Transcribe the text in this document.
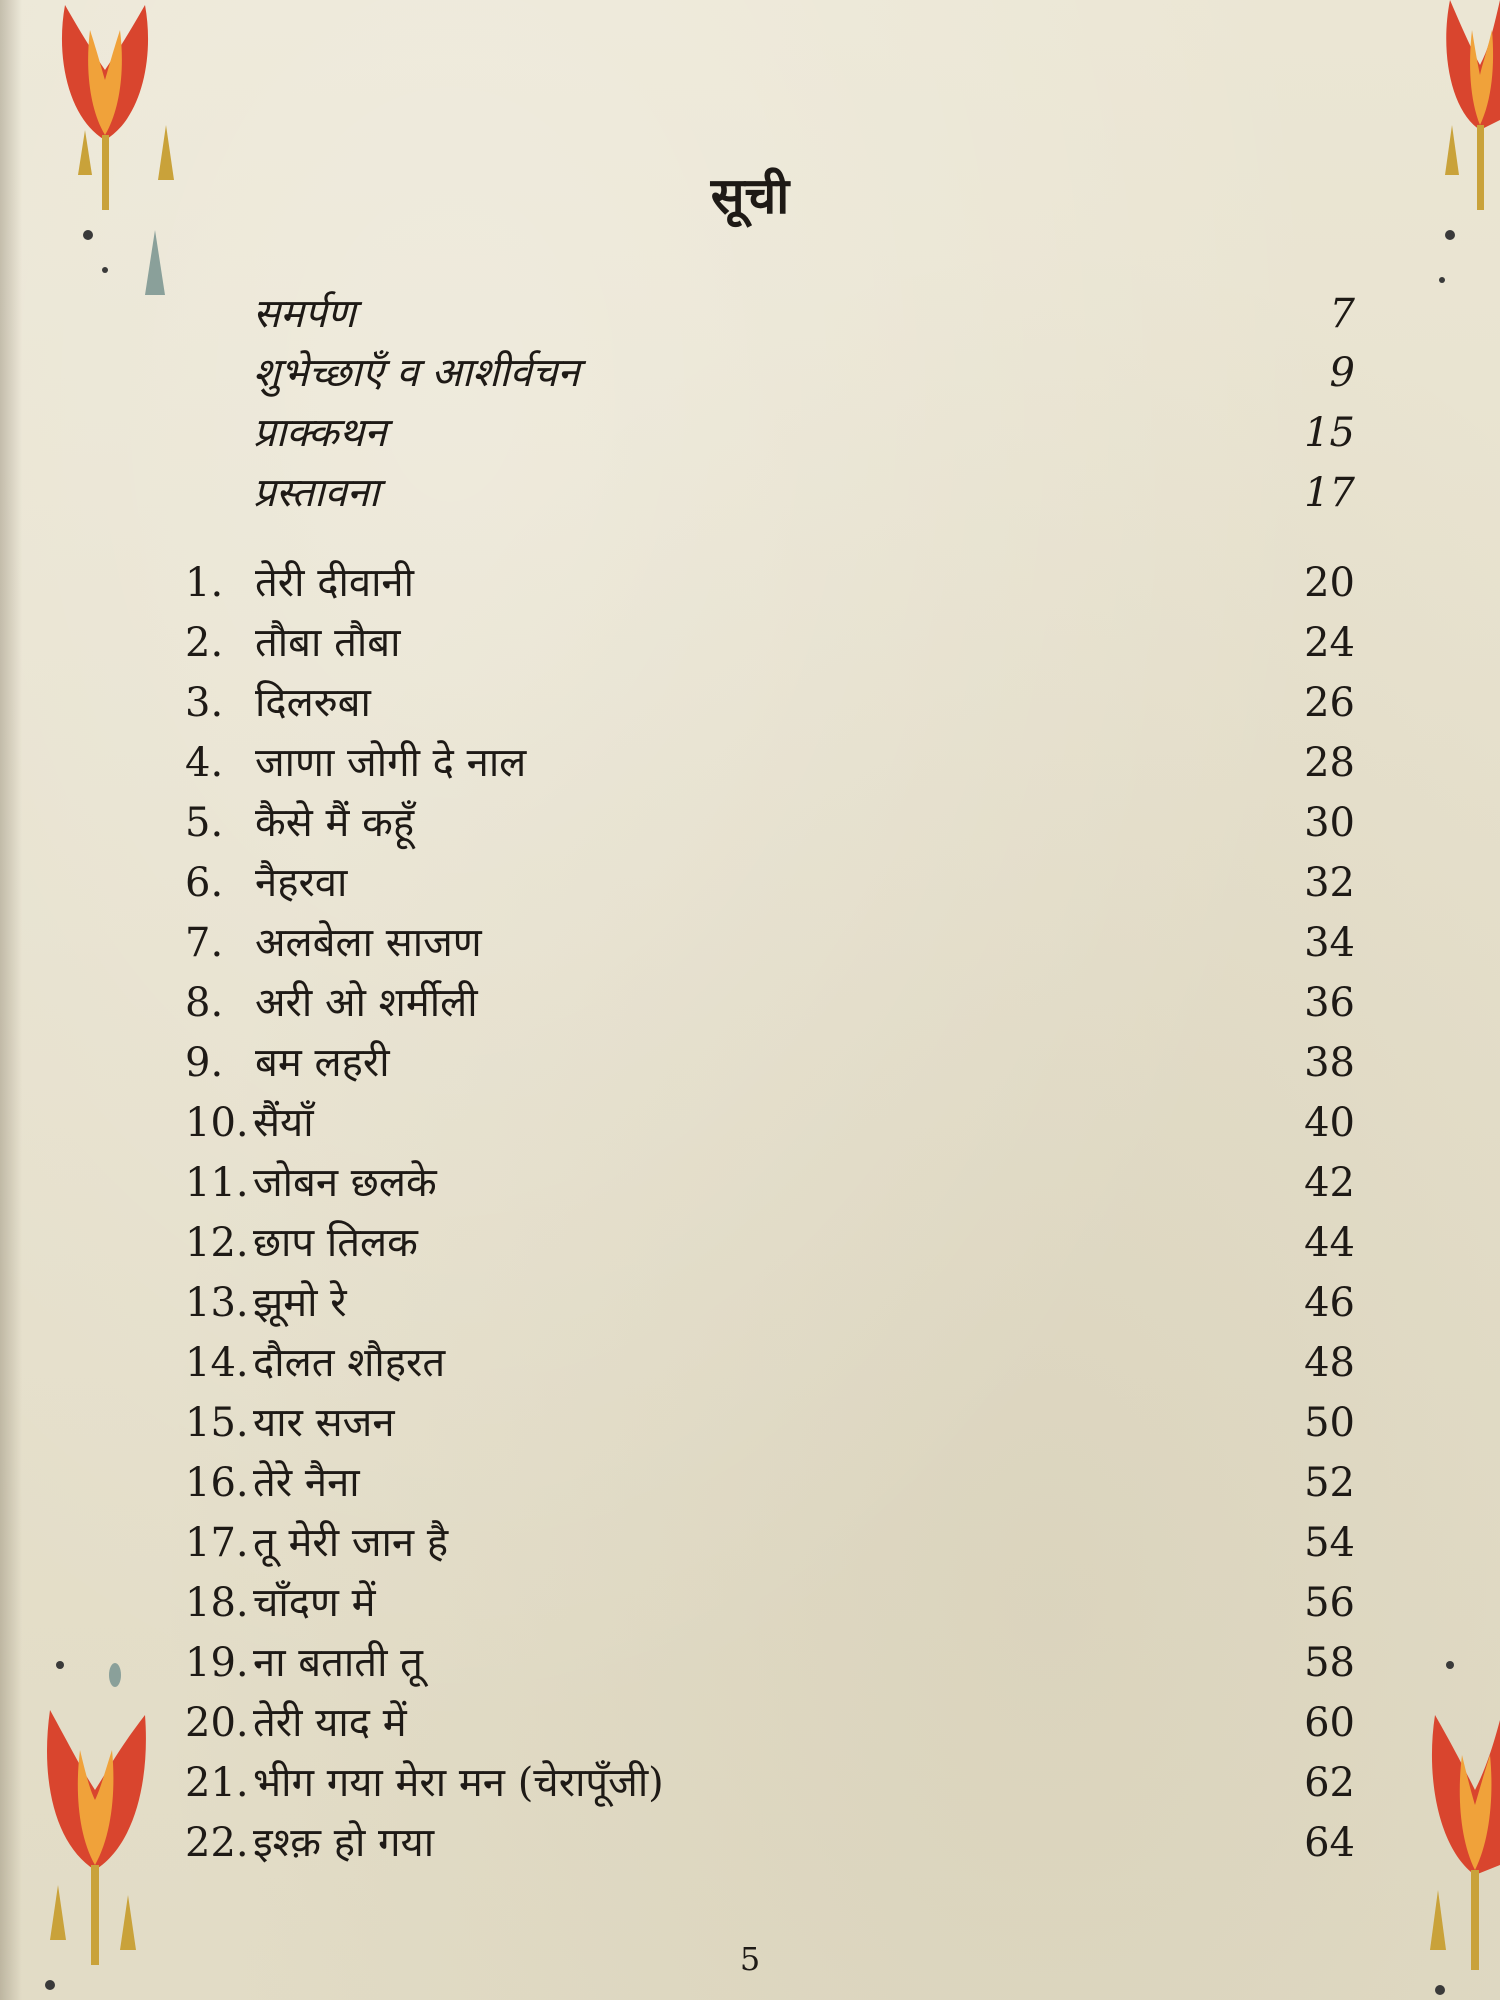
सूची
समर्पण	7
शुभेच्छाएँ व आशीर्वचन	9
प्राक्कथन	15
प्रस्तावना	17
1. तेरी दीवानी	20
2. तौबा तौबा	24
3. दिलरुबा	26
4. जाणा जोगी दे नाल	28
5. कैसे मैं कहूँ	30
6. नैहरवा	32
7. अलबेला साजण	34
8. अरी ओ शर्मीली	36
9. बम लहरी	38
10. सैंयाँ	40
11. जोबन छलके	42
12. छाप तिलक	44
13. झूमो रे	46
14. दौलत शौहरत	48
15. यार सजन	50
16. तेरे नैना	52
17. तू मेरी जान है	54
18. चाँदण में	56
19. ना बताती तू	58
20. तेरी याद में	60
21. भीग गया मेरा मन (चेरापूँजी)	62
22. इश्क़ हो गया	64
5
